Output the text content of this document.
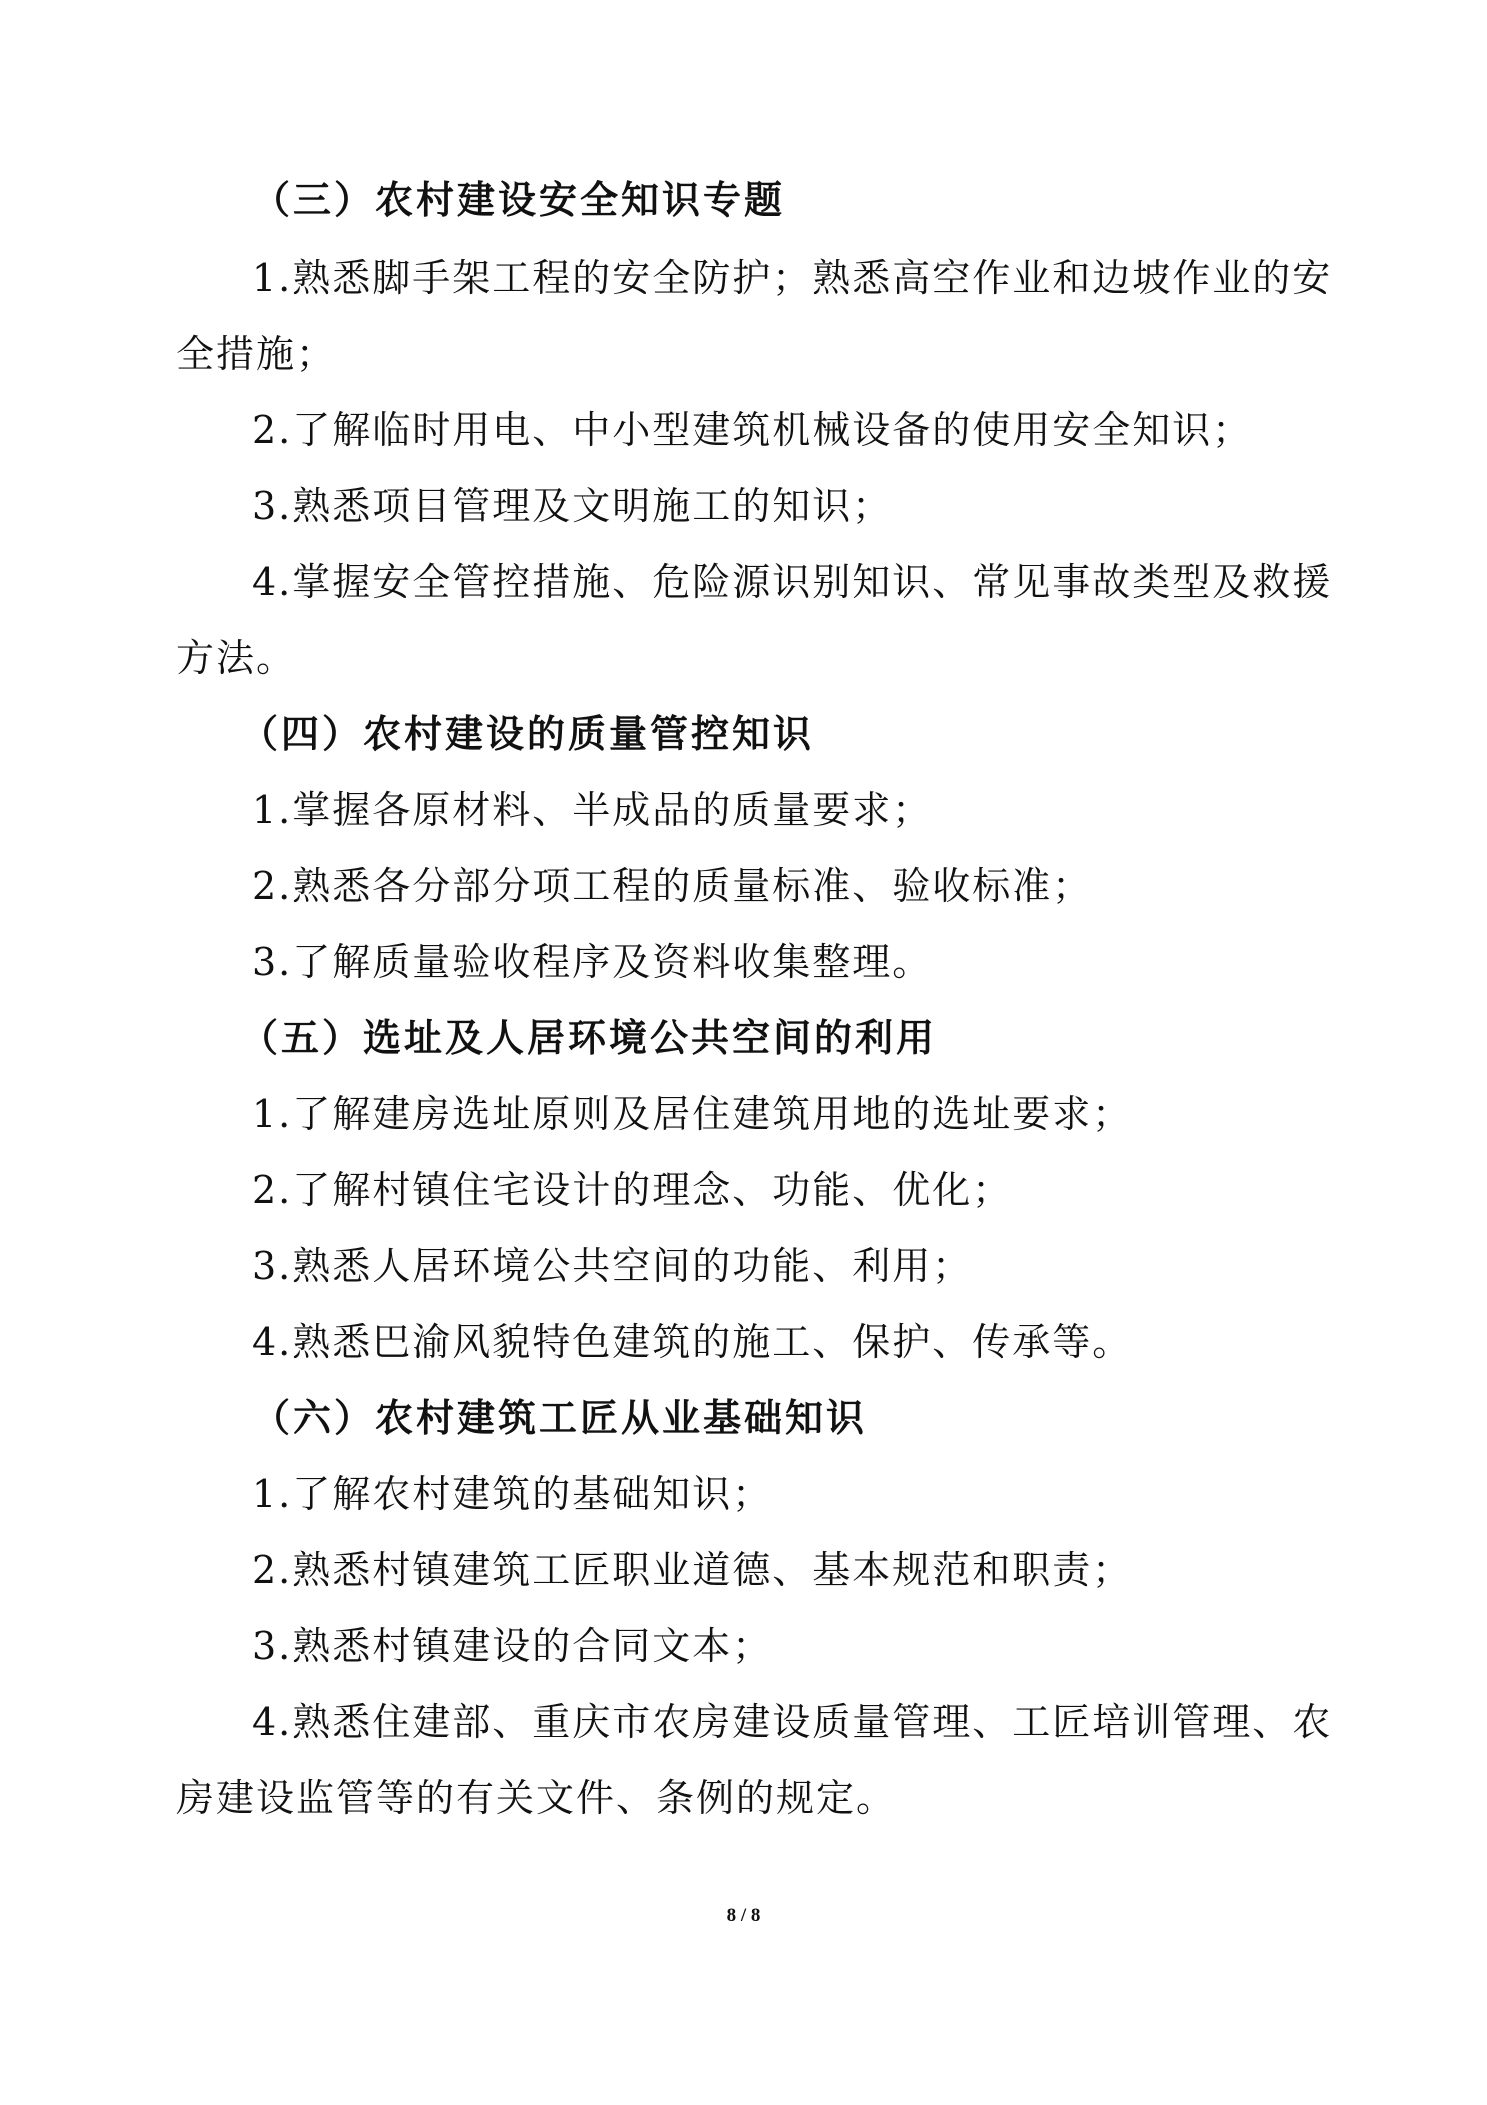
（三）农村建设安全知识专题
1.熟悉脚手架工程的安全防护；熟悉高空作业和边坡作业的安
全措施；
2.了解临时用电、中小型建筑机械设备的使用安全知识；
3.熟悉项目管理及文明施工的知识；
4.掌握安全管控措施、危险源识别知识、常见事故类型及救援
方法。
（四）农村建设的质量管控知识
1.掌握各原材料、半成品的质量要求；
2.熟悉各分部分项工程的质量标准、验收标准；
3.了解质量验收程序及资料收集整理。
（五）选址及人居环境公共空间的利用
1.了解建房选址原则及居住建筑用地的选址要求；
2.了解村镇住宅设计的理念、功能、优化；
3.熟悉人居环境公共空间的功能、利用；
4.熟悉巴渝风貌特色建筑的施工、保护、传承等。
（六）农村建筑工匠从业基础知识
1.了解农村建筑的基础知识；
2.熟悉村镇建筑工匠职业道德、基本规范和职责；
3.熟悉村镇建设的合同文本；
4.熟悉住建部、重庆市农房建设质量管理、工匠培训管理、农
房建设监管等的有关文件、条例的规定。
8 / 8
